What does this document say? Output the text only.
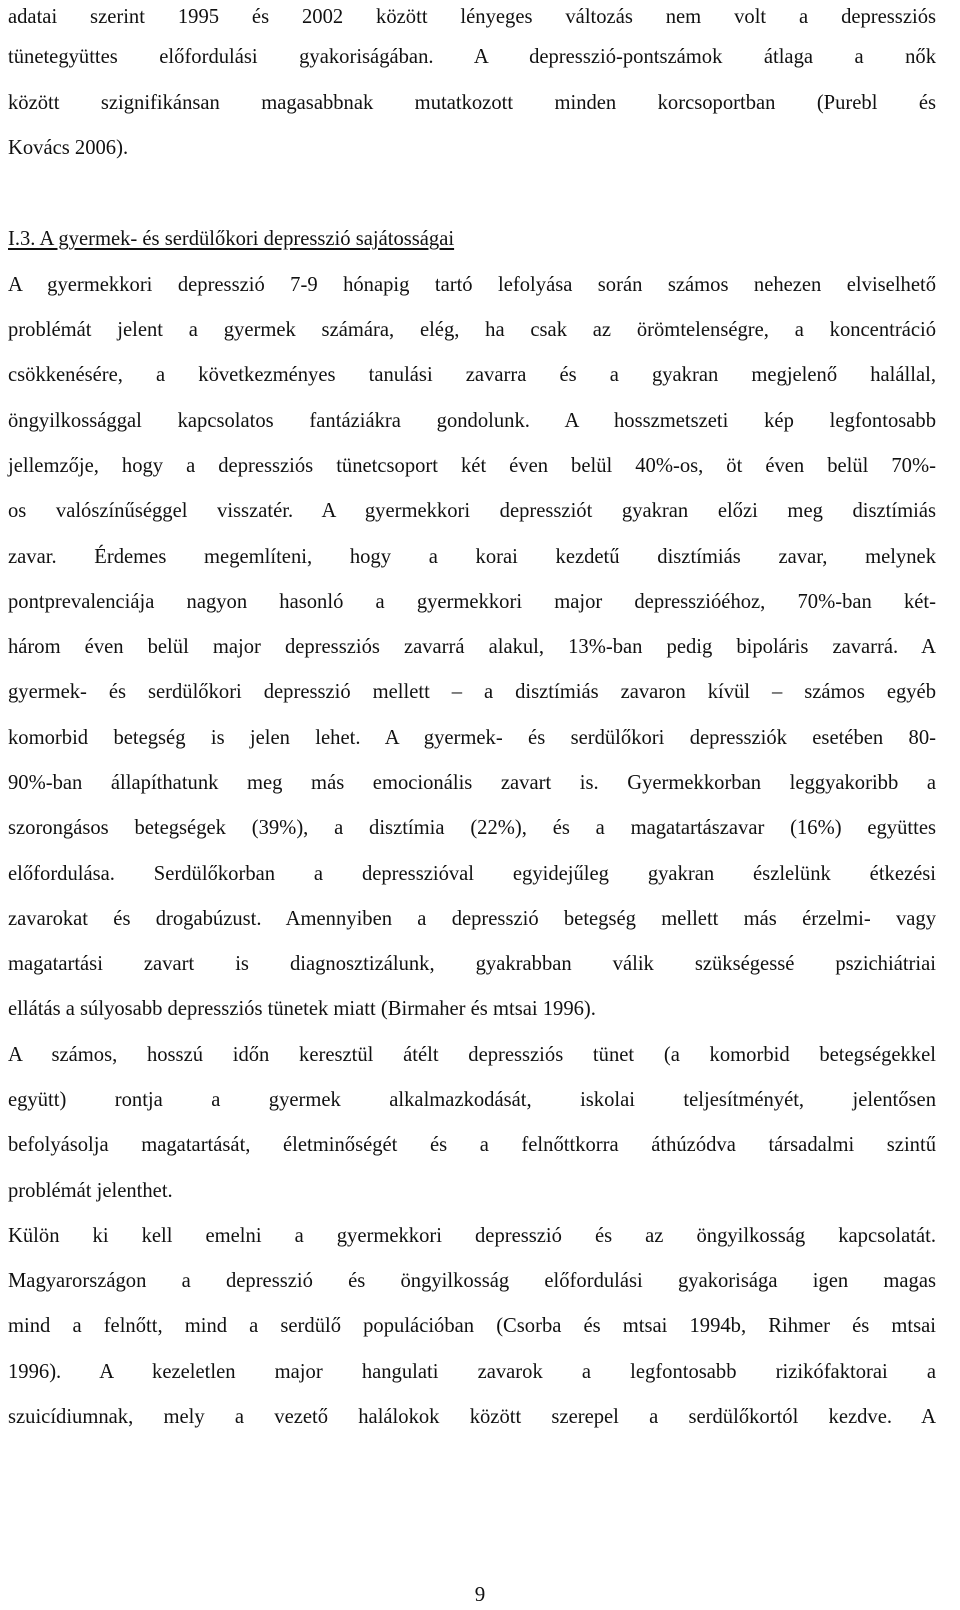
adatai szerint 1995 és 2002 között lényeges változás nem volt a depressziós
tünetegyüttes előfordulási gyakoriságában. A depresszió-pontszámok átlaga a nők
között szignifikánsan magasabbnak mutatkozott minden korcsoportban (Purebl és
Kovács 2006).
I.3. A gyermek- és serdülőkori depresszió sajátosságai
A gyermekkori depresszió 7-9 hónapig tartó lefolyása során számos nehezen elviselhető
problémát jelent a gyermek számára, elég, ha csak az örömtelenségre, a koncentráció
csökkenésére, a következményes tanulási zavarra és a gyakran megjelenő halállal,
öngyilkossággal kapcsolatos fantáziákra gondolunk. A hosszmetszeti kép legfontosabb
jellemzője, hogy a depressziós tünetcsoport két éven belül 40%-os, öt éven belül 70%-
os valószínűséggel visszatér. A gyermekkori depressziót gyakran előzi meg disztímiás
zavar. Érdemes megemlíteni, hogy a korai kezdetű disztímiás zavar, melynek
pontprevalenciája nagyon hasonló a gyermekkori major depresszióéhoz, 70%-ban két-
három éven belül major depressziós zavarrá alakul, 13%-ban pedig bipoláris zavarrá. A
gyermek- és serdülőkori depresszió mellett – a disztímiás zavaron kívül – számos egyéb
komorbid betegség is jelen lehet. A gyermek- és serdülőkori depressziók esetében 80-
90%-ban állapíthatunk meg más emocionális zavart is. Gyermekkorban leggyakoribb a
szorongásos betegségek (39%), a disztímia (22%), és a magatartászavar (16%) együttes
előfordulása. Serdülőkorban a depresszióval egyidejűleg gyakran észlelünk étkezési
zavarokat és drogabúzust. Amennyiben a depresszió betegség mellett más érzelmi- vagy
magatartási zavart is diagnosztizálunk, gyakrabban válik szükségessé pszichiátriai
ellátás a súlyosabb depressziós tünetek miatt (Birmaher és mtsai 1996).
A számos, hosszú időn keresztül átélt depressziós tünet (a komorbid betegségekkel
együtt) rontja a gyermek alkalmazkodását, iskolai teljesítményét, jelentősen
befolyásolja magatartását, életminőségét és a felnőttkorra áthúzódva társadalmi szintű
problémát jelenthet.
Külön ki kell emelni a gyermekkori depresszió és az öngyilkosság kapcsolatát.
Magyarországon a depresszió és öngyilkosság előfordulási gyakorisága igen magas
mind a felnőtt, mind a serdülő populációban (Csorba és mtsai 1994b, Rihmer és mtsai
1996). A kezeletlen major hangulati zavarok a legfontosabb rizikófaktorai a
szuicídiumnak, mely a vezető halálokok között szerepel a serdülőkortól kezdve. A
9
